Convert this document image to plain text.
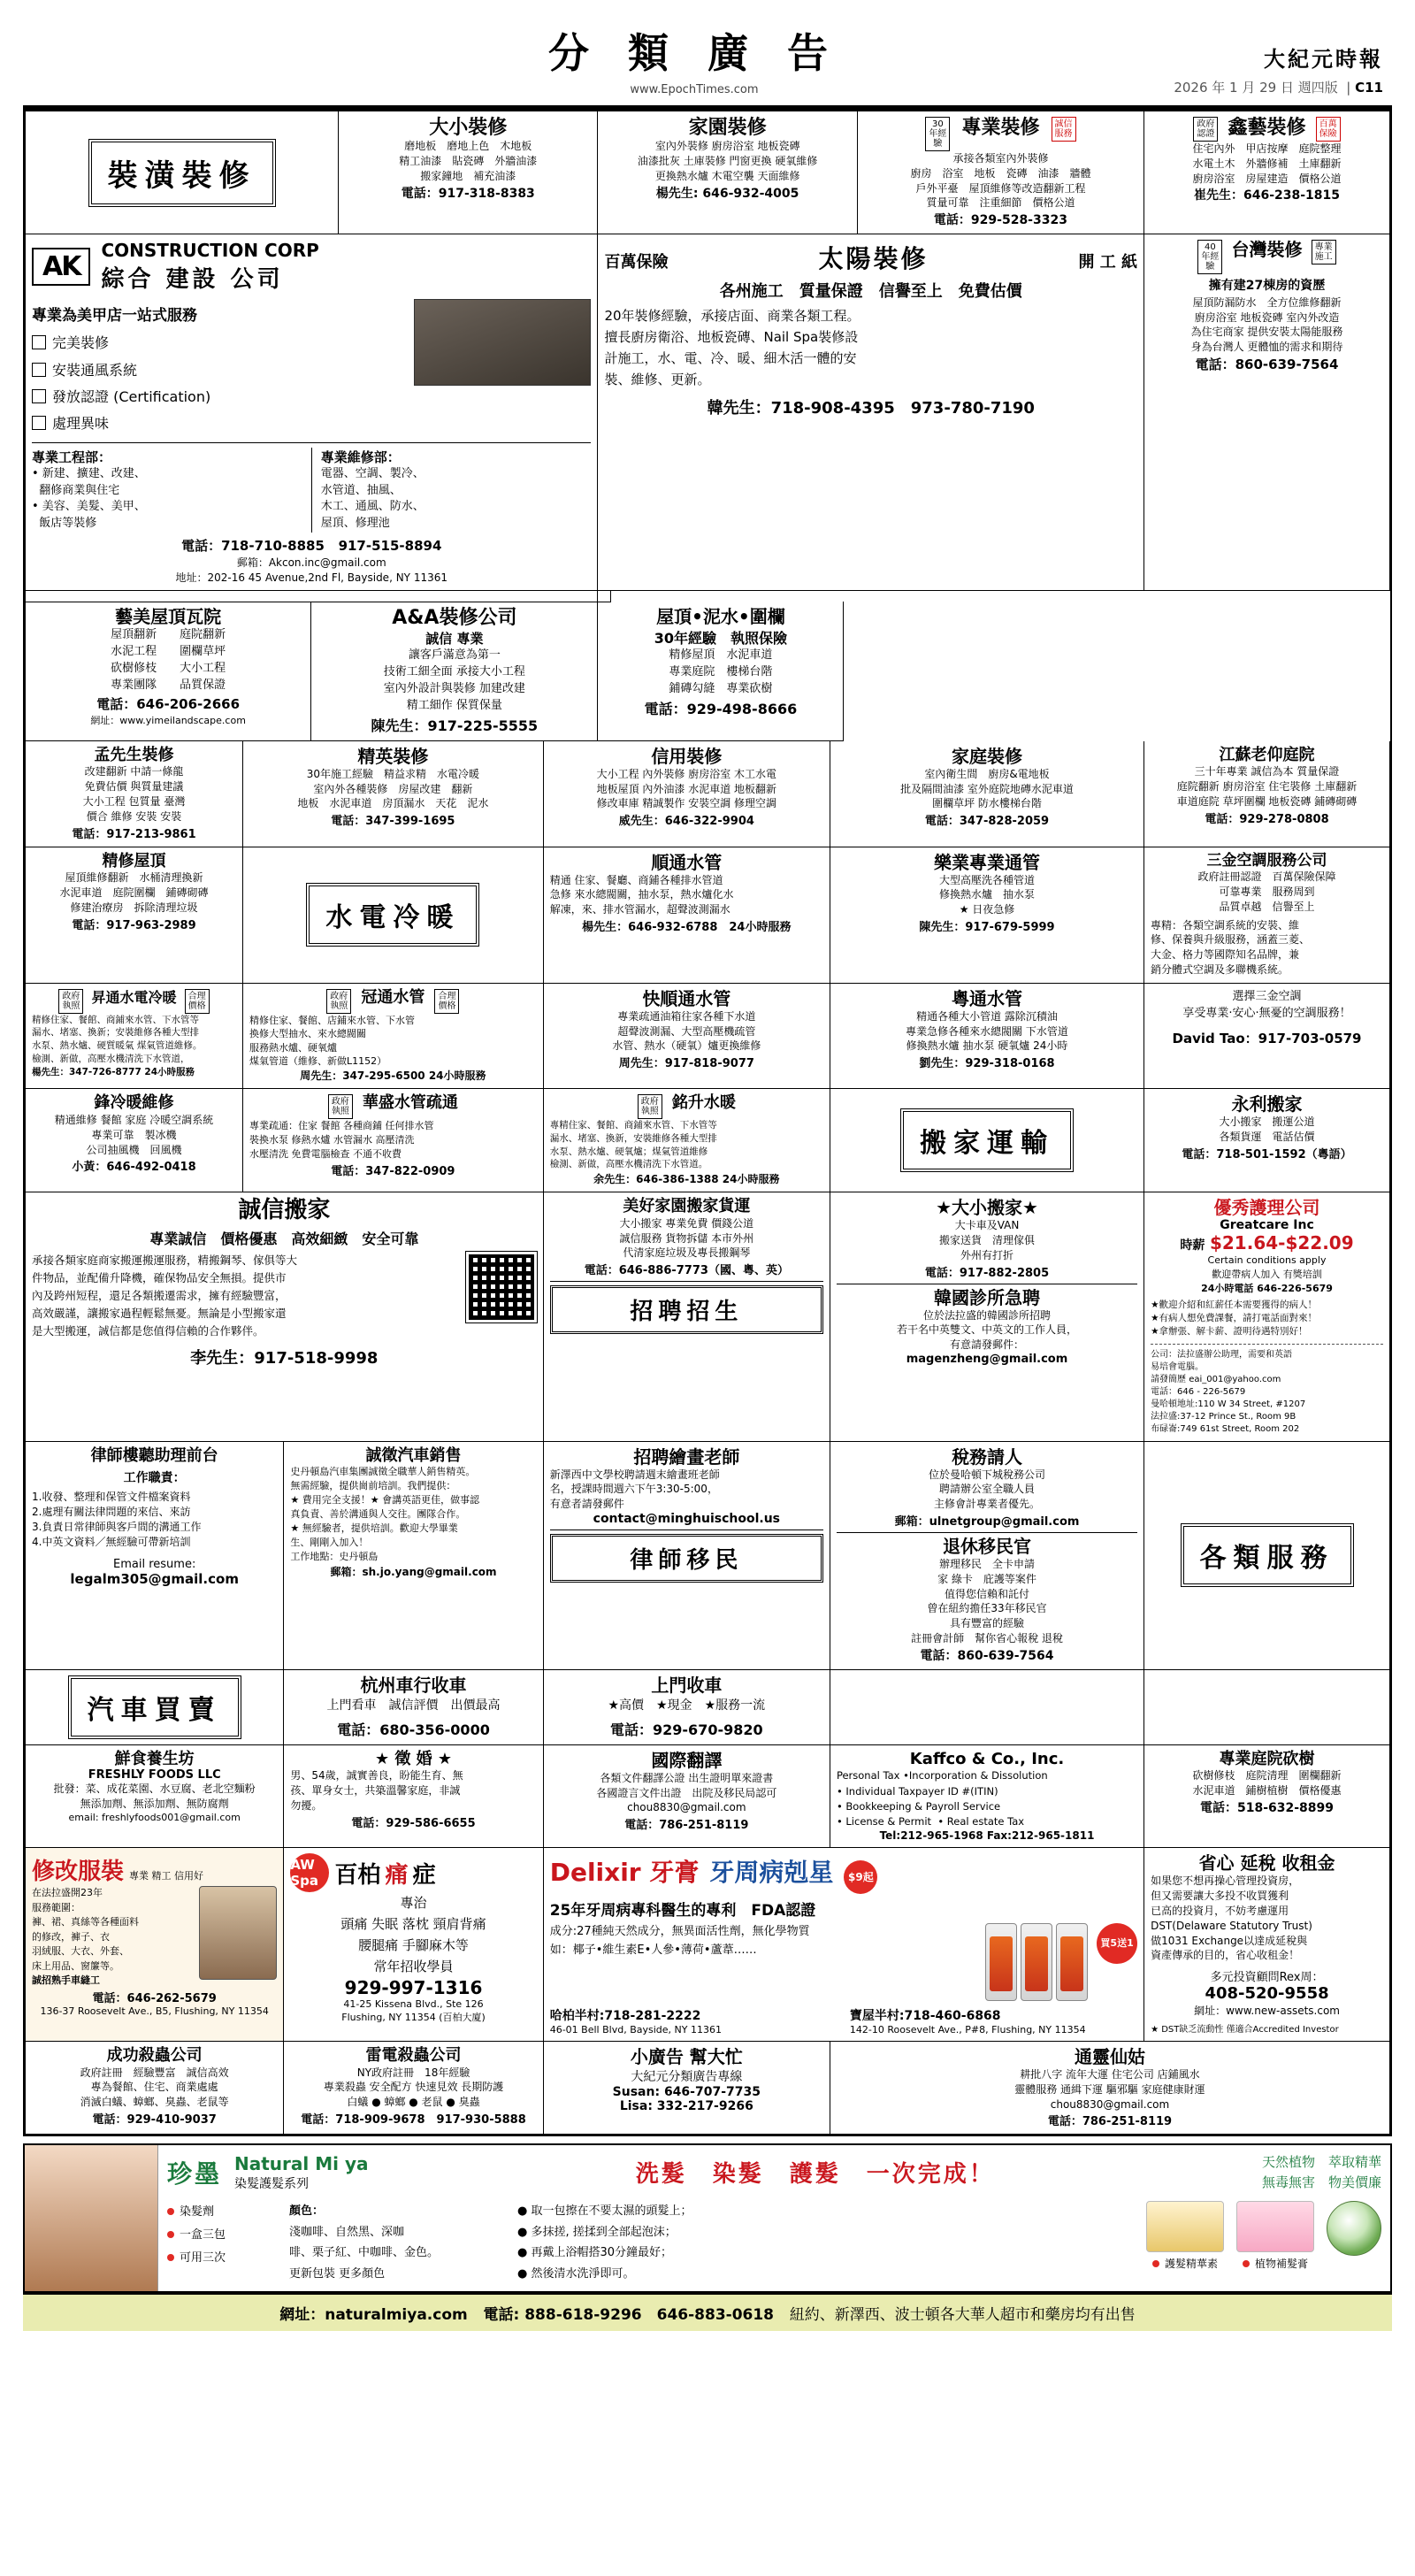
分 類 廣 告
www.EpochTimes.com
大紀元時報
2026 年 1 月 29 日 週四版  | C11
裝潢裝修
大小裝修
磨地板　磨地上色　木地板
精工油漆　貼瓷磚　外牆油漆
搬家鐘地　補充油漆
電話：917-318-8383
家園裝修
室內外裝修 廚房浴室 地板瓷磚
油漆批灰 土庫裝修 門窗更換 硬氧維修
更換熱水爐 木電空襲 天面維修
楊先生: 646-932-4005
30年經驗 專業裝修 誠信服務
承接各類室內外裝修
廚房　浴室　地板　瓷磚　油漆　牆體
戶外平臺　屋頂維修等改造翻新工程
質量可靠　注重細節　價格公道
電話：929-528-3323
政府認證 鑫藝裝修 百萬保險
住宅內外　甲店按摩　庭院整理
水電土木　外牆修補　土庫翻新
廚房浴室　房屋建造　價格公道
崔先生：646-238-1815
AK
CONSTRUCTION CORP
綜合 建設 公司
專業為美甲店一站式服務
完美裝修
安裝通風系統
發放認證 (Certification)
處理異味
專業工程部：
• 新建、擴建、改建、
翻修商業與住宅
• 美容、美髮、美甲、
飯店等裝修
專業維修部：
電器、空調、製冷、
水管道、抽風、
木工、通風、防水、
屋頂、修理池
電話：718-710-8885 917-515-8894
郵箱：Akcon.inc@gmail.com
地址：202-16 45 Avenue,2nd Fl, Bayside, NY 11361
百萬保險	太陽裝修	開 工 紙
各州施工　質量保證　信譽至上　免費估價
20年裝修經驗，承接店面、商業各類工程。
擅長廚房衛浴、地板瓷磚、Nail Spa裝修設
計施工，水、電、冷、暖、細木活一體的安
裝、維修、更新。
韓先生：718-908-4395　973-780-7190
40年經驗 台灣裝修 專業施工
擁有建27棟房的資歷
屋頂防漏防水　全方位維修翻新
廚房浴室 地板瓷磚 室內外改造
為住宅商家 提供安裝太陽能服務
身為台灣人 更體恤的需求和期待
電話：860-639-7564
藝美屋頂瓦院
屋頂翻新　　庭院翻新
水泥工程　　圍欄草坪
砍樹修枝　　大小工程
專業團隊　　品質保證
電話：646-206-2666
網址：www.yimeilandscape.com
A&A裝修公司
誠信 專業
讓客戶滿意為第一
技術工細全面 承接大小工程
室內外設計與裝修 加建改建
精工細作 保質保量
陳先生：917-225-5555
屋頂•泥水•圍欄
30年經驗　執照保險
精修屋頂　水泥車道
專業庭院　樓梯台階
鋪磚勾縫　專業砍樹
電話：929-498-8666
孟先生裝修
改建翻新 中請一條龍
免費估價 與質量建議
大小工程 包質量 臺灣
價合 維修 安裝 安裝
電話：917-213-9861
精英裝修
30年施工經驗　精益求精　水電冷暖
室內外各種裝修　房屋改建　翻新
地板　水泥車道　房頂漏水　天花　泥水
電話：347-399-1695
信用裝修
大小工程 內外裝修 廚房浴室 木工水電
地板屋頂 內外油漆 水泥車道 地板翻新
修改車庫 精誠製作 安裝空調 修理空調
威先生：646-322-9904
家庭裝修
室內衛生間　廚房&電地板
批及隔間油漆 室外庭院地磚水泥車道
圍欄草坪 防水樓梯台階
電話：347-828-2059
江蘇老仰庭院
三十年專業 誠信為本 質量保證
庭院翻新 廚房浴室 住宅裝修 土庫翻新
車道庭院 草坪圍欄 地板瓷磚 鋪磚砌磚
電話：929-278-0808
精修屋頂
屋頂維修翻新　水桶清理換新
水泥車道　庭院圍欄　鋪磚砌磚
修建治療房　拆除清理垃圾
電話：917-963-2989	水電冷暖
順通水管
精通 住家、餐廳、商鋪各種排水管道
急修 來水總閥關，抽水泵，熱水爐化水
解凍，來、排水管漏水，超聲波測漏水
楊先生：646-932-6788　24小時服務
樂業專業通管
大型高壓洗各種管道
修換熱水爐　抽水泵
★ 日夜急修
陳先生：917-679-5999
三金空調服務公司
政府註冊認證　百萬保險保障
可靠專業　服務周到
品質卓越　信譽至上
專精：各類空調系統的安裝、維
修、保養與升級服務，涵蓋三菱、
大金、格力等國際知名品牌，兼
銷分體式空調及多聯機系統。
政府執照 昇通水電冷暖 合理價格
精修住家、餐館、商鋪來水管、下水管等
漏水、堵塞、換新；安裝維修各種大型排
水泵、熱水爐、硬質暖氣 煤氣管道維修。
檢測、新做，高壓水機清洗下水管道，
楊先生：347-726-8777 24小時服務
政府執照 冠通水管 合理價格
精修住家、餐館、店鋪來水管、下水管
換修大型抽水、來水總閥關
服務熱水爐、硬氧爐
煤氣管道（維修、新做L1152）
周先生：347-295-6500 24小時服務
快順通水管
專業疏通油箱往家各種下水道
超聲波測漏、大型高壓機疏管
水管、熱水（硬氧）爐更換維修
周先生：917-818-9077
粵通水管
精通各種大小管道 露除沉積油
專業急修各種來水總閥關 下水管道
修換熱水爐 抽水泵 硬氧爐 24小時
劉先生：929-318-0168
選擇三金空調
享受專業·安心·無憂的空調服務！
David Tao：917-703-0579
鋒冷暖維修
精通維修 餐館 家庭 冷暖空調系統
專業可靠　製冰機
公司抽風機　回風機
小黃：646-492-0418
政府執照 華盛水管疏通
專業疏通：住家 餐館 各種商鋪 任何排水管
裝換水泵 修熱水爐 水管漏水 高壓清洗
水壓清洗 免費電腦檢查 不通不收費
電話：347-822-0909
政府執照 銘升水暖
專精住家、餐館、商鋪來水管、下水管等
漏水、堵塞、換新，安裝維修各種大型排
水泵、熱水爐、硬氧爐；煤氣管道維修
檢測、新做，高壓水機清洗下水管道。
余先生：646-386-1388 24小時服務
搬家運輸
永利搬家
大小搬家　搬運公道
各類貨運　電話估價
電話：718-501-1592（粵語）
誠信搬家
專業誠信　價格優惠　高效細緻　安全可靠
承接各類家庭商家搬運搬運服務，精搬鋼琴、傢俱等大
件物品，並配備升降機，確保物品安全無損。提供市
內及跨州短程，還足各類搬遷需求，擁有經驗豐富，
高效嚴謹，讓搬家過程輕鬆無憂。無論是小型搬家還
是大型搬運，誠信都是您值得信賴的合作夥伴。
李先生：917-518-9998
美好家園搬家貨運
大小搬家 專業免費 價錢公道
誠信服務 貨物拆儲 本市外州
代清家庭垃圾及專長搬鋼琴
電話：646-886-7773（國、粵、英）
招聘招生
★大小搬家★
大卡車及VAN
搬家送貨　清理傢俱
外州有打折
電話：917-882-2805
韓國診所急聘
位於法拉盛的韓國診所招聘
若干名中英雙文、中英文的工作人員，
有意請發郵件：
magenzheng@gmail.com
優秀護理公司
Greatcare Inc
時薪 $21.64-$22.09
Certain conditions apply
歡迎帶病人加入 有獎培訓
24小時電話 646-226-5679
★歡迎介紹和紅薪任本需要獲得的病人！
★有病人想免費課餐，請打電話面對來！
★拿辦張、解卡薪、證明待遇特別好！
公司：法拉盛辦公助理，需要和英語
易培會電腦。
請發簡歷 eai_001@yahoo.com
電話：646 - 226-5679
曼哈頓地址:110 W 34 Street, #1207
法拉盛:37-12 Prince St., Room 9B
布碌崙:749 61st Street, Room 202
律師樓聽助理前台
工作職責：
1.收發、整理和保管文件檔案資料
2.處理有關法律問題的來信、來訪
3.負責日常律師與客戶間的溝通工作
4.中英文資料／無經驗可帶新培訓
Email resume:
legalm305@gmail.com
誠徵汽車銷售
史丹頓島汽車集團誠徵全職華人銷售精英。
無需經驗，提供崗前培訓。我們提供：
★ 費用完全支援！★ 會講英語更佳，做事認
真負責、善於溝通與人交往。團隊合作。
★ 無經驗者，提供培訓。歡迎大學畢業
生、剛剛入加入！
工作地點：史丹頓島
郵箱：sh.jo.yang@gmail.com
招聘繪畫老師
新澤西中文學校聘請週末繪畫班老師
名，授課時間週六下午3:30-5:00，
有意者請發郵件
contact@minghuischool.us
律師移民
稅務請人
位於曼哈頓下城稅務公司
聘請辦公室全職人員
主修會計專業者優先。
郵箱：ulnetgroup@gmail.com
退休移民官
辦理移民　全卡申請
家 綠卡　庇護等案件
值得您信賴和託付
曾在紐約擔任33年移民官
具有豐富的經驗
註冊會計師　幫你省心報稅 退稅
電話：860-639-7564
各類服務
汽車買賣
杭州車行收車
上門看車　誠信評價　出價最高
電話：680-356-0000
上門收車
★高價　★現金　★服務一流
電話：929-670-9820
鮮食養生坊
FRESHLY FOODS LLC
批發：菜、成花菜園、水豆腐、老北空麵粉
無添加劑、無添加劑、無防腐劑
email: freshlyfoods001@gmail.com
★ 徵 婚 ★
男、54歲，誠實善良，盼能生育、無
孩、單身女士，共築溫馨家庭，非誠
勿擾。
電話：929-586-6655
國際翻譯
各類文件翻譯公證 出生證明單來證書
各國證言文件出證　出院及移民局認可
chou8830@gmail.com
電話：786-251-8119
Kaffco & Co., Inc.
Personal Tax •Incorporation & Dissolution
• Individual Taxpayer ID #(ITIN)
• Bookkeeping & Payroll Service
• License & Permit  • Real estate Tax
Tel:212-965-1968 Fax:212-965-1811
專業庭院砍樹
砍樹修枝　庭院清理　圍欄翻新
水泥車道　鋪樹植樹　價格優惠
電話：518-632-8899
修改服裝 專業 精工 信用好
在法拉盛開23年
服務範圍：
褲、裙、真絲等各種面料
的修改，褲子、衣
羽絨服、大衣、外套、
床上用品、窗簾等。
誠招熟手車縫工
電話：646-262-5679
136-37 Roosevelt Ave., B5, Flushing, NY 11354
AW Spa 百柏 痛 症
專治
頭痛 失眠 落枕 頸肩背痛
腰腿痛 手腳麻木等
常年招收學員
929-997-1316
41-25 Kissena Blvd., Ste 126
Flushing, NY 11354 (百柏大廈)
Delixir 牙膏 牙周病剋星	$9起
25年牙周病專科醫生的專利　FDA認證
成分:27種純天然成分，無異面活性劑，無化學物質
如：椰子•維生素E•人參•薄荷•蘆葦……
買5送1
哈柏半村:718-281-2222
46-01 Bell Blvd, Bayside, NY 11361
寶屋半村:718-460-6868
142-10 Roosevelt Ave., P#8, Flushing, NY 11354
省心 延稅 收租金
如果您不想再操心管理投資房，
但又需要讓大多投不收買獲利
已高的投資月，不妨考慮運用
DST(Delaware Statutory Trust)
做1031 Exchange以達成延稅與
資產傳承的目的，省心收租金！
多元投資顧問Rex周：
408-520-9558
網址：www.new-assets.com
★ DST缺乏流動性 僅適合Accredited Investor
成功殺蟲公司
政府註冊　經驗豐富　誠信高效
專為餐館、住宅、商業處處
消滅白蟻、蟑螂、臭蟲、老鼠等
電話：929-410-9037
雷電殺蟲公司
NY政府註冊　18年經驗
專業殺蟲 安全配方 快速見效 長期防護
白蟻 ● 蟑螂 ● 老鼠 ● 臭蟲
電話：718-909-9678　917-930-5888
小廣告 幫大忙
大紀元分類廣告專線
Susan: 646-707-7735
Lisa: 332-217-9266
通靈仙姑
耕批八字 流年大運 住宅公司 店鋪風水
靈體服務 通緝下運 驅邪驅 家庭健康財運
chou8830@gmail.com
電話：786-251-8119
珍墨 Natural Mi ya
染髮護髮系列	洗髮　染髮　護髮　一次完成！	天然植物　 萃取精華
無毒無害　 物美價廉
染髮劑
一盒三包
可用三次
顏色：
淺咖啡、自然黑、深咖
啡、栗子紅、中咖啡、金色。
更新包裝 更多顏色
● 取一包擦在不要太濕的頭髮上；
● 多抹搓, 搓揉到全部起泡沫；
● 再戴上浴帽搭30分鐘最好；
● 然後清水洗淨即可。
護髮精華素	植物補髮膏
網址：naturalmiya.com 電話: 888-618-9296　646-883-0618 紐約、新澤西、波士頓各大華人超市和藥房均有出售
